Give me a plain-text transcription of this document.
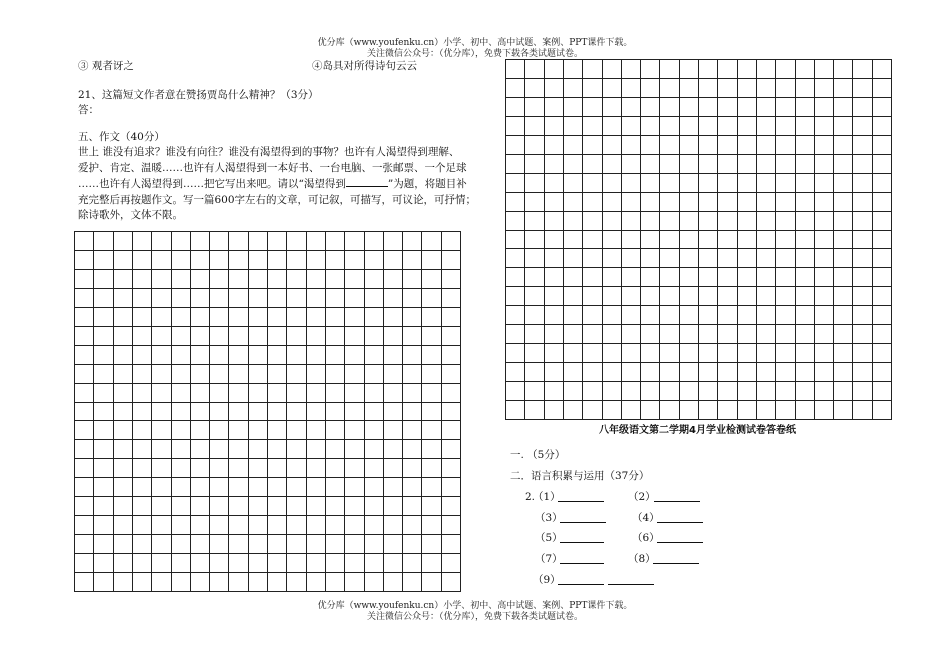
优分库（www.youfenku.cn）小学、初中、高中试题、案例、PPT课件下载。
关注微信公众号：（优分库），免费下载各类试题试卷。
③ 观者讶之	④岛具对所得诗句云云
21、这篇短文作者意在赞扬贾岛什么精神？（3分）
答：
五、作文（40分）
世上 谁没有追求？谁没有向往？谁没有渴望得到的事物？也许有人渴望得到理解、
爱护、肯定、温暖……也许有人渴望得到一本好书、一台电脑、一张邮票、一个足球
……也许有人渴望得到……把它写出来吧。请以“渴望得到	”为题，将题目补
充完整后再按题作文。写一篇600字左右的文章，可记叙，可描写，可议论，可抒情；
除诗歌外，文体不限。
八年级语文第二学期4月学业检测试卷答卷纸
一. （5分）
二．语言积累与运用（37分）
2.
（1）	（2）
（3）	（4）
（5）	（6）
（7）	（8）
（9）
优分库（www.youfenku.cn）小学、初中、高中试题、案例、PPT课件下载。
关注微信公众号：（优分库），免费下载各类试题试卷。
